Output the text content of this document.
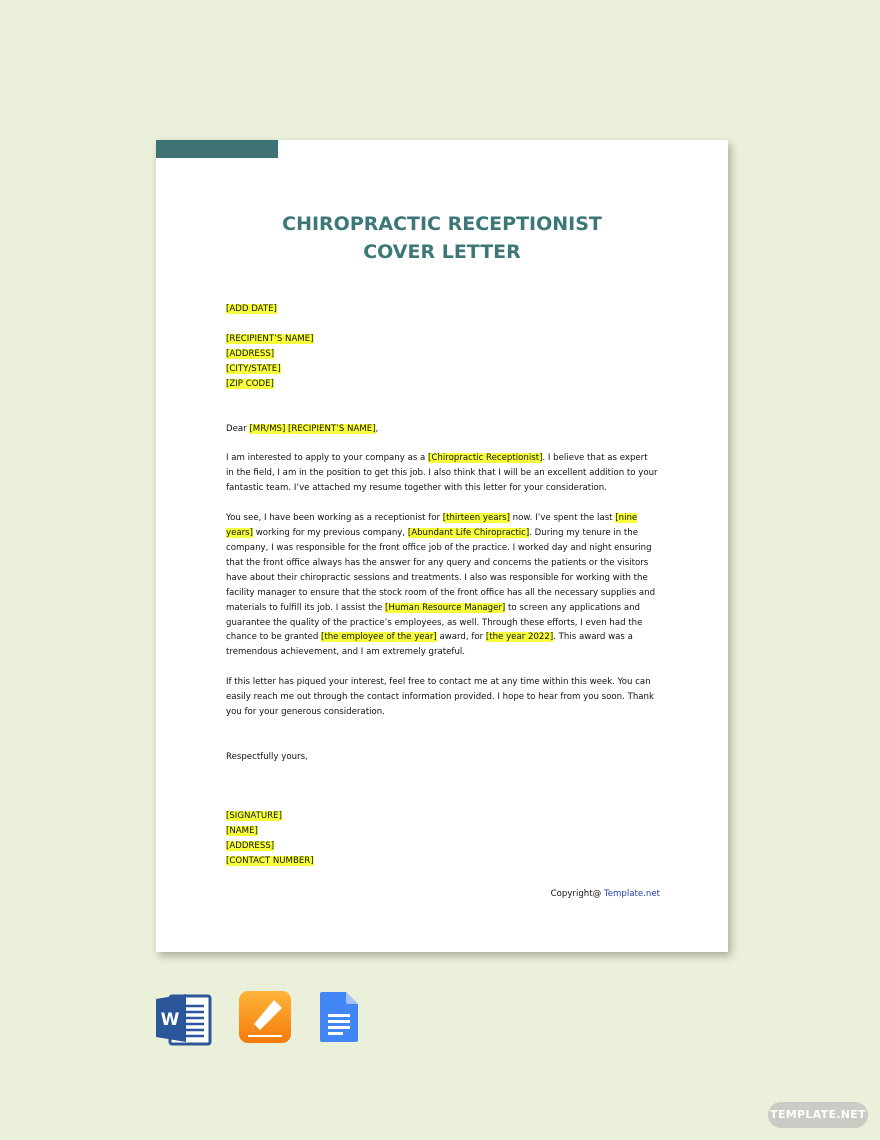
CHIROPRACTIC RECEPTIONIST
COVER LETTER
[ADD DATE]
[RECIPIENT’S NAME]
[ADDRESS]
[CITY/STATE]
[ZIP CODE]
Dear [MR/MS] [RECIPIENT’S NAME],

I am interested to apply to your company as a [Chiropractic Receptionist]. I believe that as expert in the field, I am in the position to get this job. I also think that I will be an excellent addition to your fantastic team. I’ve attached my resume together with this letter for your consideration.

You see, I have been working as a receptionist for [thirteen years] now. I’ve spent the last [nine years] working for my previous company, [Abundant Life Chiropractic]. During my tenure in the company, I was responsible for the front office job of the practice. I worked day and night ensuring that the front office always has the answer for any query and concerns the patients or the visitors have about their chiropractic sessions and treatments. I also was responsible for working with the facility manager to ensure that the stock room of the front office has all the necessary supplies and materials to fulfill its job. I assist the [Human Resource Manager] to screen any applications and guarantee the quality of the practice’s employees, as well. Through these efforts, I even had the chance to be granted [the employee of the year] award, for [the year 2022]. This award was a tremendous achievement, and I am extremely grateful.

If this letter has piqued your interest, feel free to contact me at any time within this week. You can easily reach me out through the contact information provided. I hope to hear from you soon. Thank you for your generous consideration.

Respectfully yours,
[SIGNATURE]
[NAME]
[ADDRESS]
[CONTACT NUMBER]
Copyright@ Template.net
W
TEMPLATE.NET
